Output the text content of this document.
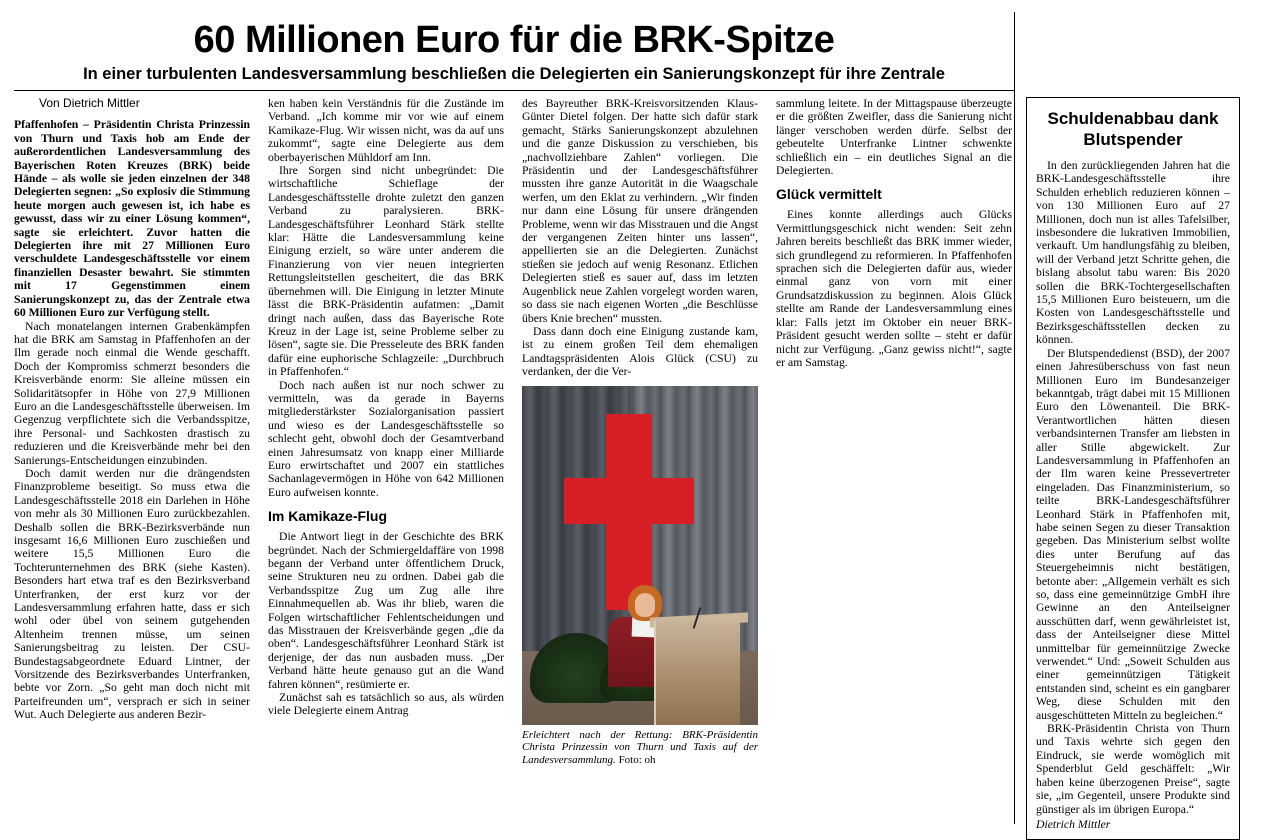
60 Millionen Euro für die BRK-Spitze
In einer turbulenten Landesversammlung beschließen die Delegierten ein Sanierungskonzept für ihre Zentrale

Von Dietrich Mittler

Pfaffenhofen – Präsidentin Christa Prinzessin von Thurn und Taxis hob am Ende der außerordentlichen Landesversammlung des Bayerischen Roten Kreuzes (BRK) beide Hände – als wolle sie jeden einzelnen der 348 Delegierten segnen: „So explosiv die Stimmung heute morgen auch gewesen ist, ich habe es gewusst, dass wir zu einer Lösung kommen“, sagte sie erleichtert. Zuvor hatten die Delegierten ihre mit 27 Millionen Euro verschuldete Landesgeschäftsstelle vor einem finanziellen Desaster bewahrt. Sie stimmten mit 17 Gegenstimmen einem Sanierungskonzept zu, das der Zentrale etwa 60 Millionen Euro zur Verfügung stellt.

Nach monatelangen internen Grabenkämpfen hat die BRK am Samstag in Pfaffenhofen an der Ilm gerade noch einmal die Wende geschafft. Doch der Kompromiss schmerzt besonders die Kreisverbände enorm: Sie alleine müssen ein Solidaritätsopfer in Höhe von 27,9 Millionen Euro an die Landesgeschäftsstelle überweisen. Im Gegenzug verpflichtete sich die Verbandsspitze, ihre Personal- und Sachkosten drastisch zu reduzieren und die Kreisverbände mehr bei den Sanierungs-Entscheidungen einzubinden.

Doch damit werden nur die drängendsten Finanzprobleme beseitigt. So muss etwa die Landesgeschäftsstelle 2018 ein Darlehen in Höhe von mehr als 30 Millionen Euro zurückbezahlen. Deshalb sollen die BRK-Bezirksverbände nun insgesamt 16,6 Millionen Euro zuschießen und weitere 15,5 Millionen Euro die Tochterunternehmen des BRK (siehe Kasten). Besonders hart etwa traf es den Bezirksverband Unterfranken, der erst kurz vor der Landesversammlung erfahren hatte, dass er sich wohl oder übel von seinem gutgehenden Altenheim trennen müsse, um seinen Sanierungsbeitrag zu leisten. Der CSU-Bundestagsabgeordnete Eduard Lintner, der Vorsitzende des Bezirksverbandes Unterfranken, bebte vor Zorn. „So geht man doch nicht mit Parteifreunden um“, versprach er sich in seiner Wut. Auch Delegierte aus anderen Bezir-

ken haben kein Verständnis für die Zustände im Verband. „Ich komme mir vor wie auf einem Kamikaze-Flug. Wir wissen nicht, was da auf uns zukommt“, sagte eine Delegierte aus dem oberbayerischen Mühldorf am Inn.

Ihre Sorgen sind nicht unbegründet: Die wirtschaftliche Schieflage der Landesgeschäftsstelle drohte zuletzt den ganzen Verband zu paralysieren. BRK-Landesgeschäftsführer Leonhard Stärk stellte klar: Hätte die Landesversammlung keine Einigung erzielt, so wäre unter anderem die Finanzierung von vier neuen integrierten Rettungsleitstellen gescheitert, die das BRK übernehmen will. Die Einigung in letzter Minute lässt die BRK-Präsidentin aufatmen: „Damit dringt nach außen, dass das Bayerische Rote Kreuz in der Lage ist, seine Probleme selber zu lösen“, sagte sie. Die Presseleute des BRK fanden dafür eine euphorische Schlagzeile: „Durchbruch in Pfaffenhofen.“

Doch nach außen ist nur noch schwer zu vermitteln, was da gerade in Bayerns mitgliederstärkster Sozialorganisation passiert und wieso es der Landesgeschäftsstelle so schlecht geht, obwohl doch der Gesamtverband einen Jahresumsatz von knapp einer Milliarde Euro erwirtschaftet und 2007 ein stattliches Sachanlagevermögen in Höhe von 642 Millionen Euro aufweisen konnte.

Im Kamikaze-Flug

Die Antwort liegt in der Geschichte des BRK begründet. Nach der Schmiergeldaffäre von 1998 begann der Verband unter öffentlichem Druck, seine Strukturen neu zu ordnen. Dabei gab die Verbandsspitze Zug um Zug alle ihre Einnahmequellen ab. Was ihr blieb, waren die Folgen wirtschaftlicher Fehlentscheidungen und das Misstrauen der Kreisverbände gegen „die da oben“. Landesgeschäftsführer Leonhard Stärk ist derjenige, der das nun ausbaden muss. „Der Verband hätte heute genauso gut an die Wand fahren können“, resümierte er.

Zunächst sah es tatsächlich so aus, als würden viele Delegierte einem Antrag

des Bayreuther BRK-Kreisvorsitzenden Klaus-Günter Dietel folgen. Der hatte sich dafür stark gemacht, Stärks Sanierungskonzept abzulehnen und die ganze Diskussion zu verschieben, bis „nachvollziehbare Zahlen“ vorliegen. Die Präsidentin und der Landesgeschäftsführer mussten ihre ganze Autorität in die Waagschale werfen, um den Eklat zu verhindern. „Wir finden nur dann eine Lösung für unsere drängenden Probleme, wenn wir das Misstrauen und die Angst der vergangenen Zeiten hinter uns lassen“, appellierten sie an die Delegierten. Zunächst stießen sie jedoch auf wenig Resonanz. Etlichen Delegierten stieß es sauer auf, dass im letzten Augenblick neue Zahlen vorgelegt worden waren, so dass sie nach eigenen Worten „die Beschlüsse übers Knie brechen“ mussten.

Dass dann doch eine Einigung zustande kam, ist zu einem großen Teil dem ehemaligen Landtagspräsidenten Alois Glück (CSU) zu verdanken, der die Ver-

Erleichtert nach der Rettung: BRK-Präsidentin Christa Prinzessin von Thurn und Taxis auf der Landesversammlung. Foto: oh

sammlung leitete. In der Mittagspause überzeugte er die größten Zweifler, dass die Sanierung nicht länger verschoben werden dürfe. Selbst der gebeutelte Unterfranke Lintner schwenkte schließlich ein – ein deutliches Signal an die Delegierten.

Glück vermittelt

Eines konnte allerdings auch Glücks Vermittlungsgeschick nicht wenden: Seit zehn Jahren bereits beschließt das BRK immer wieder, sich grundlegend zu reformieren. In Pfaffenhofen sprachen sich die Delegierten dafür aus, wieder einmal ganz von vorn mit einer Grundsatzdiskussion zu beginnen. Alois Glück stellte am Rande der Landesversammlung eines klar: Falls jetzt im Oktober ein neuer BRK-Präsident gesucht werden sollte – steht er dafür nicht zur Verfügung. „Ganz gewiss nicht!“, sagte er am Samstag.

Schuldenabbau dank Blutspender

In den zurückliegenden Jahren hat die BRK-Landesgeschäftsstelle ihre Schulden erheblich reduzieren können – von 130 Millionen Euro auf 27 Millionen, doch nun ist alles Tafelsilber, insbesondere die lukrativen Immobilien, verkauft. Um handlungsfähig zu bleiben, will der Verband jetzt Schritte gehen, die bislang absolut tabu waren: Bis 2020 sollen die BRK-Tochtergesellschaften 15,5 Millionen Euro beisteuern, um die Kosten von Landesgeschäftsstelle und Bezirksgeschäftsstellen decken zu können.

Der Blutspendedienst (BSD), der 2007 einen Jahresüberschuss von fast neun Millionen Euro im Bundesanzeiger bekanntgab, trägt dabei mit 15 Millionen Euro den Löwenanteil. Die BRK-Verantwortlichen hätten diesen verbandsinternen Transfer am liebsten in aller Stille abgewickelt. Zur Landesversammlung in Pfaffenhofen an der Ilm waren keine Pressevertreter eingeladen. Das Finanzministerium, so teilte BRK-Landesgeschäftsführer Leonhard Stärk in Pfaffenhofen mit, habe seinen Segen zu dieser Transaktion gegeben. Das Ministerium selbst wollte dies unter Berufung auf das Steuergeheimnis nicht bestätigen, betonte aber: „Allgemein verhält es sich so, dass eine gemeinnützige GmbH ihre Gewinne an den Anteilseigner ausschütten darf, wenn gewährleistet ist, dass der Anteilseigner diese Mittel unmittelbar für gemeinnützige Zwecke verwendet.“ Und: „Soweit Schulden aus einer gemeinnützigen Tätigkeit entstanden sind, scheint es ein gangbarer Weg, diese Schulden mit den ausgeschütteten Mitteln zu begleichen.“

BRK-Präsidentin Christa von Thurn und Taxis wehrte sich gegen den Eindruck, sie werde womöglich mit Spenderblut Geld geschäffelt: „Wir haben keine überzogenen Preise“, sagte sie, „im Gegenteil, unsere Produkte sind günstiger als im übrigen Europa.“

Dietrich Mittler
